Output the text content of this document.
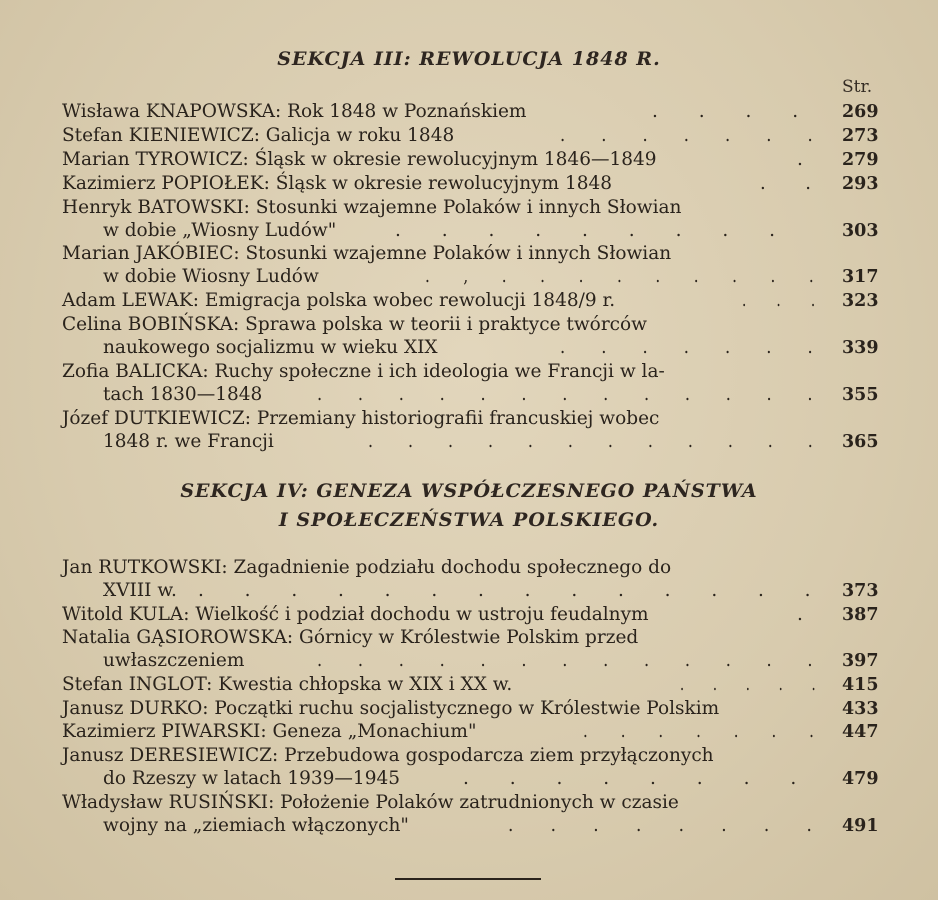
SEKCJA III: REWOLUCJA 1848 R.
Str.
Wisława KNAPOWSKA: Rok 1848 w Poznańskiem	. . . . 269
Stefan KIENIEWICZ: Galicja w roku 1848	. . . . . . . 273
Marian TYROWICZ: Śląsk w okresie rewolucyjnym 1846—1849	. 279
Kazimierz POPIOŁEK: Śląsk w okresie rewolucyjnym 1848	. . 293
Henryk BATOWSKI: Stosunki wzajemne Polaków i innych Słowian
w dobie „Wiosny Ludów"	. . . . . . . . .	303
Marian JAKÓBIEC: Stosunki wzajemne Polaków i innych Słowian
w dobie Wiosny Ludów	. , . . . . . . . . . 317
Adam LEWAK: Emigracja polska wobec rewolucji 1848/9 r.	. . . 323
Celina BOBIŃSKA: Sprawa polska w teorii i praktyce twórców
naukowego socjalizmu w wieku XIX	. . . . . . . 339
Zofia BALICKA: Ruchy społeczne i ich ideologia we Francji w la-
tach 1830—1848	. . . . . . . . . . . . . 355
Józef DUTKIEWICZ: Przemiany historiografii francuskiej wobec
1848 r. we Francji	. . . . . . . . . . . . 365
SEKCJA IV: GENEZA WSPÓŁCZESNEGO PAŃSTWA
I SPOŁECZEŃSTWA POLSKIEGO.
Jan RUTKOWSKI: Zagadnienie podziału dochodu społecznego do
XVIII w. . . . . . . . . . . . . . . 373
Witold KULA: Wielkość i podział dochodu w ustroju feudalnym	. 387
Natalia GĄSIOROWSKA: Górnicy w Królestwie Polskim przed
uwłaszczeniem	. . . . . . . . . . . . . 397
Stefan INGLOT: Kwestia chłopska w XIX i XX w.	. . . . . 415
Janusz DURKO: Początki ruchu socjalistycznego w Królestwie Polskim	433
Kazimierz PIWARSKI: Geneza „Monachium"	. . . . . . . 447
Janusz DERESIEWICZ: Przebudowa gospodarcza ziem przyłączonych
do Rzeszy w latach 1939—1945	. . . . . . . . 479
Władysław RUSIŃSKI: Położenie Polaków zatrudnionych w czasie
wojny na „ziemiach włączonych"	. . . . . . . . 491
